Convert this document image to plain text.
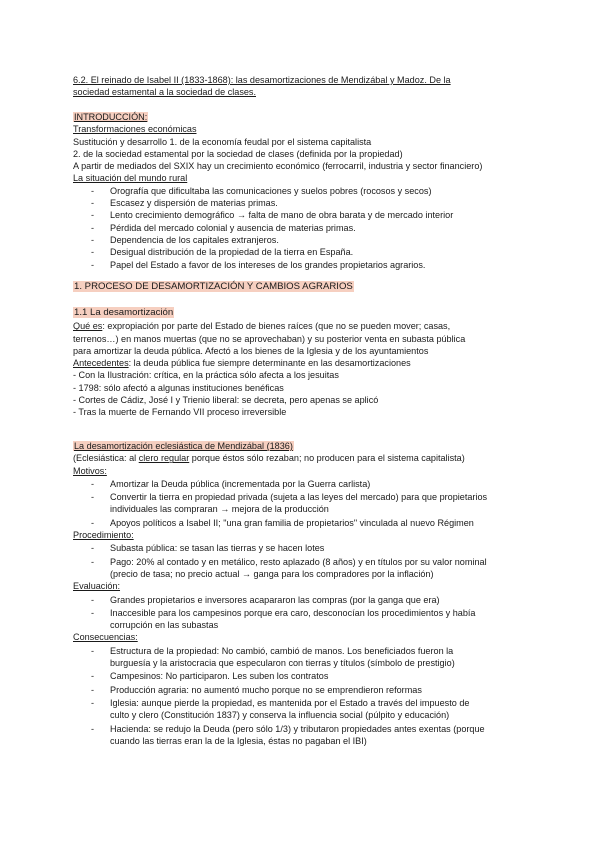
6.2. El reinado de Isabel II (1833-1868): las desamortizaciones de Mendizábal y Madoz. De la
sociedad estamental a la sociedad de clases.
INTRODUCCIÓN:
Transformaciones económicas
Sustitución y desarrollo 1. de la economía feudal por el sistema capitalista
2. de la sociedad estamental por la sociedad de clases (definida por la propiedad)
A partir de mediados del SXIX hay un crecimiento económico (ferrocarril, industria y sector financiero)
La situación del mundo rural
- Orografía que dificultaba las comunicaciones y suelos pobres (rocosos y secos)
- Escasez y dispersión de materias primas.
- Lento crecimiento demográfico → falta de mano de obra barata y de mercado interior
- Pérdida del mercado colonial y ausencia de materias primas.
- Dependencia de los capitales extranjeros.
- Desigual distribución de la propiedad de la tierra en España.
- Papel del Estado a favor de los intereses de los grandes propietarios agrarios.
1. PROCESO DE DESAMORTIZACIÓN Y CAMBIOS AGRARIOS
1.1 La desamortización
Qué es: expropiación por parte del Estado de bienes raíces (que no se pueden mover; casas,
terrenos…) en manos muertas (que no se aprovechaban) y su posterior venta en subasta pública
para amortizar la deuda pública. Afectó a los bienes de la Iglesia y de los ayuntamientos
Antecedentes: la deuda pública fue siempre determinante en las desamortizaciones
- Con la Ilustración: crítica, en la práctica sólo afecta a los jesuitas
- 1798: sólo afectó a algunas instituciones benéficas
- Cortes de Cádiz, José I y Trienio liberal: se decreta, pero apenas se aplicó
- Tras la muerte de Fernando VII proceso irreversible
La desamortización eclesiástica de Mendizábal (1836)
(Eclesiástica: al clero regular porque éstos sólo rezaban; no producen para el sistema capitalista)
Motivos:
- Amortizar la Deuda pública (incrementada por la Guerra carlista)
- Convertir la tierra en propiedad privada (sujeta a las leyes del mercado) para que propietarios
individuales las compraran → mejora de la producción
- Apoyos políticos a Isabel II; "una gran familia de propietarios" vinculada al nuevo Régimen
Procedimiento:
- Subasta pública: se tasan las tierras y se hacen lotes
- Pago: 20% al contado y en metálico, resto aplazado (8 años) y en títulos por su valor nominal
(precio de tasa; no precio actual → ganga para los compradores por la inflación)
Evaluación:
- Grandes propietarios e inversores acapararon las compras (por la ganga que era)
- Inaccesible para los campesinos porque era caro, desconocían los procedimientos y había
corrupción en las subastas
Consecuencias:
- Estructura de la propiedad: No cambió, cambió de manos. Los beneficiados fueron la
burguesía y la aristocracia que especularon con tierras y títulos (símbolo de prestigio)
- Campesinos: No participaron. Les suben los contratos
- Producción agraria: no aumentó mucho porque no se emprendieron reformas
- Iglesia: aunque pierde la propiedad, es mantenida por el Estado a través del impuesto de
culto y clero (Constitución 1837) y conserva la influencia social (púlpito y educación)
- Hacienda: se redujo la Deuda (pero sólo 1/3) y tributaron propiedades antes exentas (porque
cuando las tierras eran la de la Iglesia, éstas no pagaban el IBI)
